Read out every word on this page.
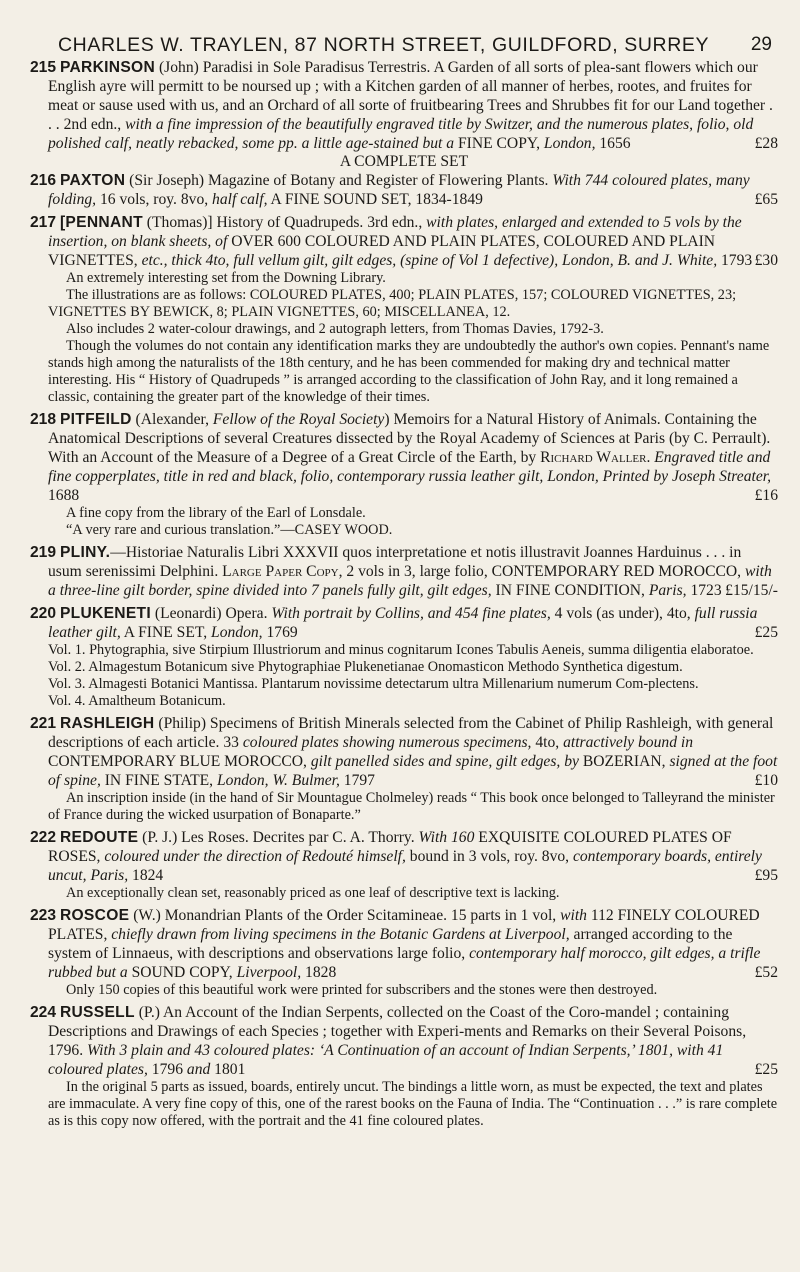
CHARLES W. TRAYLEN, 87 NORTH STREET, GUILDFORD, SURREY 29

215 PARKINSON (John) Paradisi in Sole Paradisus Terrestris. A Garden of all sorts of plea-sant flowers which our English ayre will permitt to be noursed up ; with a Kitchen garden of all manner of herbes, rootes, and fruites for meat or sause used with us, and an Orchard of all sorte of fruitbearing Trees and Shrubbes fit for our Land together . . . 2nd edn., with a fine impression of the beautifully engraved title by Switzer, and the numerous plates, folio, old polished calf, neatly rebacked, some pp. a little age-stained but a FINE COPY, London, 1656	£28

A COMPLETE SET

216 PAXTON (Sir Joseph) Magazine of Botany and Register of Flowering Plants. With 744 coloured plates, many folding, 16 vols, roy. 8vo, half calf, A FINE SOUND SET, 1834-1849	£65

217 [PENNANT (Thomas)] History of Quadrupeds. 3rd edn., with plates, enlarged and extended to 5 vols by the insertion, on blank sheets, of OVER 600 COLOURED AND PLAIN PLATES, COLOURED AND PLAIN VIGNETTES, etc., thick 4to, full vellum gilt, gilt edges, (spine of Vol 1 defective), London, B. and J. White, 1793 £30

An extremely interesting set from the Downing Library.

The illustrations are as follows: COLOURED PLATES, 400; PLAIN PLATES, 157; COLOURED VIGNETTES, 23; VIGNETTES BY BEWICK, 8; PLAIN VIGNETTES, 60; MISCELLANEA, 12.

Also includes 2 water-colour drawings, and 2 autograph letters, from Thomas Davies, 1792-3.

Though the volumes do not contain any identification marks they are undoubtedly the author's own copies. Pennant's name stands high among the naturalists of the 18th century, and he has been commended for making dry and technical matter interesting. His “ History of Quadrupeds ” is arranged according to the classification of John Ray, and it long remained a classic, containing the greater part of the knowledge of their times.

218 PITFEILD (Alexander, Fellow of the Royal Society) Memoirs for a Natural History of Animals. Containing the Anatomical Descriptions of several Creatures dissected by the Royal Academy of Sciences at Paris (by C. Perrault). With an Account of the Measure of a Degree of a Great Circle of the Earth, by Richard Waller. Engraved title and fine copperplates, title in red and black, folio, contemporary russia leather gilt, London, Printed by Joseph Streater, 1688	£16

A fine copy from the library of the Earl of Lonsdale.

“A very rare and curious translation.”—CASEY WOOD.

219 PLINY.—Historiae Naturalis Libri XXXVII quos interpretatione et notis illustravit Joannes Harduinus . . . in usum serenissimi Delphini. Large Paper Copy, 2 vols in 3, large folio, CONTEMPORARY RED MOROCCO, with a three-line gilt border, spine divided into 7 panels fully gilt, gilt edges, IN FINE CONDITION, Paris, 1723 £15/15/-

220 PLUKENETI (Leonardi) Opera. With portrait by Collins, and 454 fine plates, 4 vols (as under), 4to, full russia leather gilt, A FINE SET, London, 1769	£25

Vol. 1. Phytographia, sive Stirpium Illustriorum and minus cognitarum Icones Tabulis Aeneis, summa diligentia elaboratoe.

Vol. 2. Almagestum Botanicum sive Phytographiae Plukenetianae Onomasticon Methodo Synthetica digestum.

Vol. 3. Almagesti Botanici Mantissa. Plantarum novissime detectarum ultra Millenarium numerum Com-plectens.

Vol. 4. Amaltheum Botanicum.

221 RASHLEIGH (Philip) Specimens of British Minerals selected from the Cabinet of Philip Rashleigh, with general descriptions of each article. 33 coloured plates showing numerous specimens, 4to, attractively bound in CONTEMPORARY BLUE MOROCCO, gilt panelled sides and spine, gilt edges, by BOZERIAN, signed at the foot of spine, IN FINE STATE, London, W. Bulmer, 1797	£10

An inscription inside (in the hand of Sir Mountague Cholmeley) reads “ This book once belonged to Talleyrand the minister of France during the wicked usurpation of Bonaparte.”

222 REDOUTE (P. J.) Les Roses. Decrites par C. A. Thorry. With 160 EXQUISITE COLOURED PLATES OF ROSES, coloured under the direction of Redouté himself, bound in 3 vols, roy. 8vo, contemporary boards, entirely uncut, Paris, 1824	£95

An exceptionally clean set, reasonably priced as one leaf of descriptive text is lacking.

223 ROSCOE (W.) Monandrian Plants of the Order Scitamineae. 15 parts in 1 vol, with 112 FINELY COLOURED PLATES, chiefly drawn from living specimens in the Botanic Gardens at Liverpool, arranged according to the system of Linnaeus, with descriptions and observations large folio, contemporary half morocco, gilt edges, a trifle rubbed but a SOUND COPY, Liverpool, 1828	£52

Only 150 copies of this beautiful work were printed for subscribers and the stones were then destroyed.

224 RUSSELL (P.) An Account of the Indian Serpents, collected on the Coast of the Coro-mandel ; containing Descriptions and Drawings of each Species ; together with Experi-ments and Remarks on their Several Poisons, 1796. With 3 plain and 43 coloured plates: ‘A Continuation of an account of Indian Serpents,’ 1801, with 41 coloured plates, 1796 and 1801	£25

In the original 5 parts as issued, boards, entirely uncut. The bindings a little worn, as must be expected, the text and plates are immaculate. A very fine copy of this, one of the rarest books on the Fauna of India. The “Continuation . . .” is rare complete as is this copy now offered, with the portrait and the 41 fine coloured plates.
